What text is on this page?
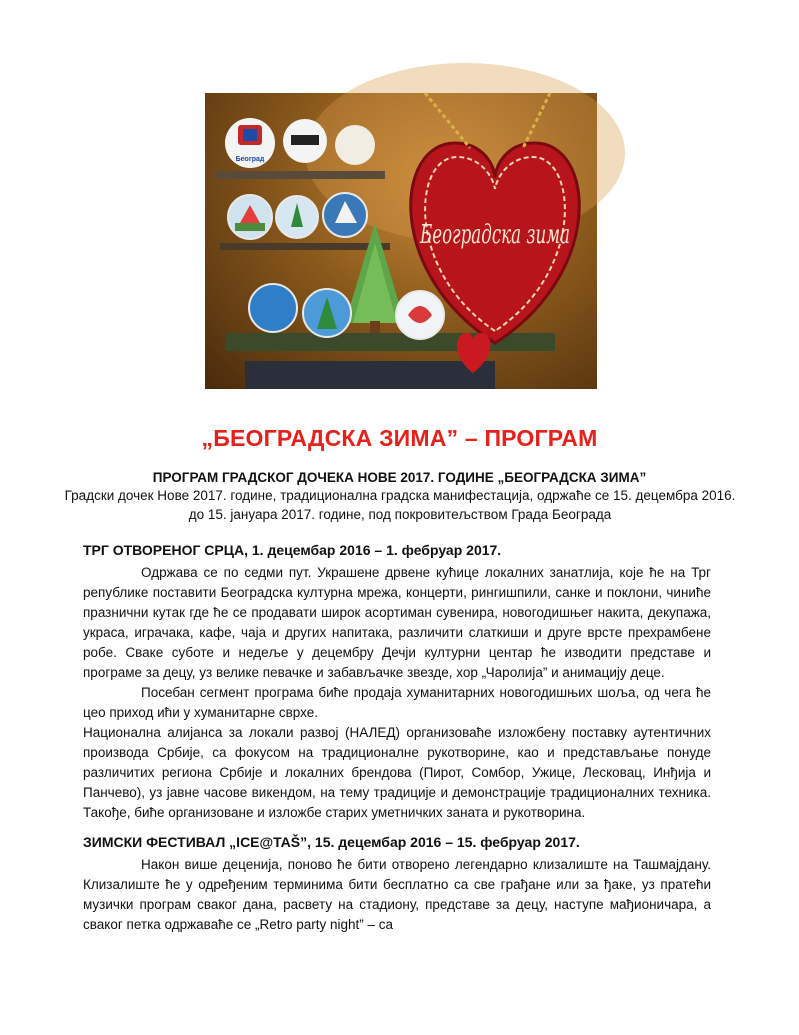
Београд
Београдска зима
„БЕОГРАДСКА ЗИМА” – ПРОГРАМ
ПРОГРАМ ГРАДСКОГ ДОЧЕКА НОВЕ 2017. ГОДИНЕ „БЕОГРАДСКА ЗИМА”
Градски дочек Нове 2017. године, традиционална градска манифестација, одржаће се 15. децембра 2016. до 15. јануара 2017. године, под покровитељством Града Београда
ТРГ ОТВОРЕНОГ СРЦА, 1. децембар 2016 – 1. фебруар 2017.
Одржава се по седми пут. Украшене дрвене кућице локалних занатлија, које ће на Трг републике поставити Београдска културна мрежа, концерти, рингишпили, санке и поклони, чиниће празнични кутак где ће се продавати широк асортиман сувенира, новогодишњег накита, декупажа, украса, играчака, кафе, чаја и других напитака, различити слаткиши и друге врсте прехрамбене робе. Сваке суботе и недеље у децембру Дечји културни центар ће изводити представе и програме за децу, уз велике певачке и забављачке звезде, хор „Чаролија” и анимацију деце.
Посебан сегмент програма биће продаја хуманитарних новогодишњих шоља, од чега ће цео приход ићи у хуманитарне сврхе.
Национална алијанса за локали развој (НАЛЕД) организоваће изложбену поставку аутентичних производа Србије, са фокусом на традиционалне рукотворине, као и представљање понуде различитих региона Србије и локалних брендова (Пирот, Сомбор, Ужице, Лесковац, Инђија и Панчево), уз јавне часове викендом, на тему традиције и демонстрације традиционалних техника. Такође, биће организоване и изложбе старих уметничких заната и рукотворина.
ЗИМСКИ ФЕСТИВАЛ „ICE@TAŠ”, 15. децембар 2016 – 15. фебруар 2017.
Након више деценија, поново ће бити отворено легендарно клизалиште на Ташмајдану. Клизалиште ће у одређеним терминима бити бесплатно са све грађане или за ђаке, уз пратећи музички програм сваког дана, расвету на стадиону, представе за децу, наступе мађионичара, а сваког петка одржаваће се „Retro party night” – са
